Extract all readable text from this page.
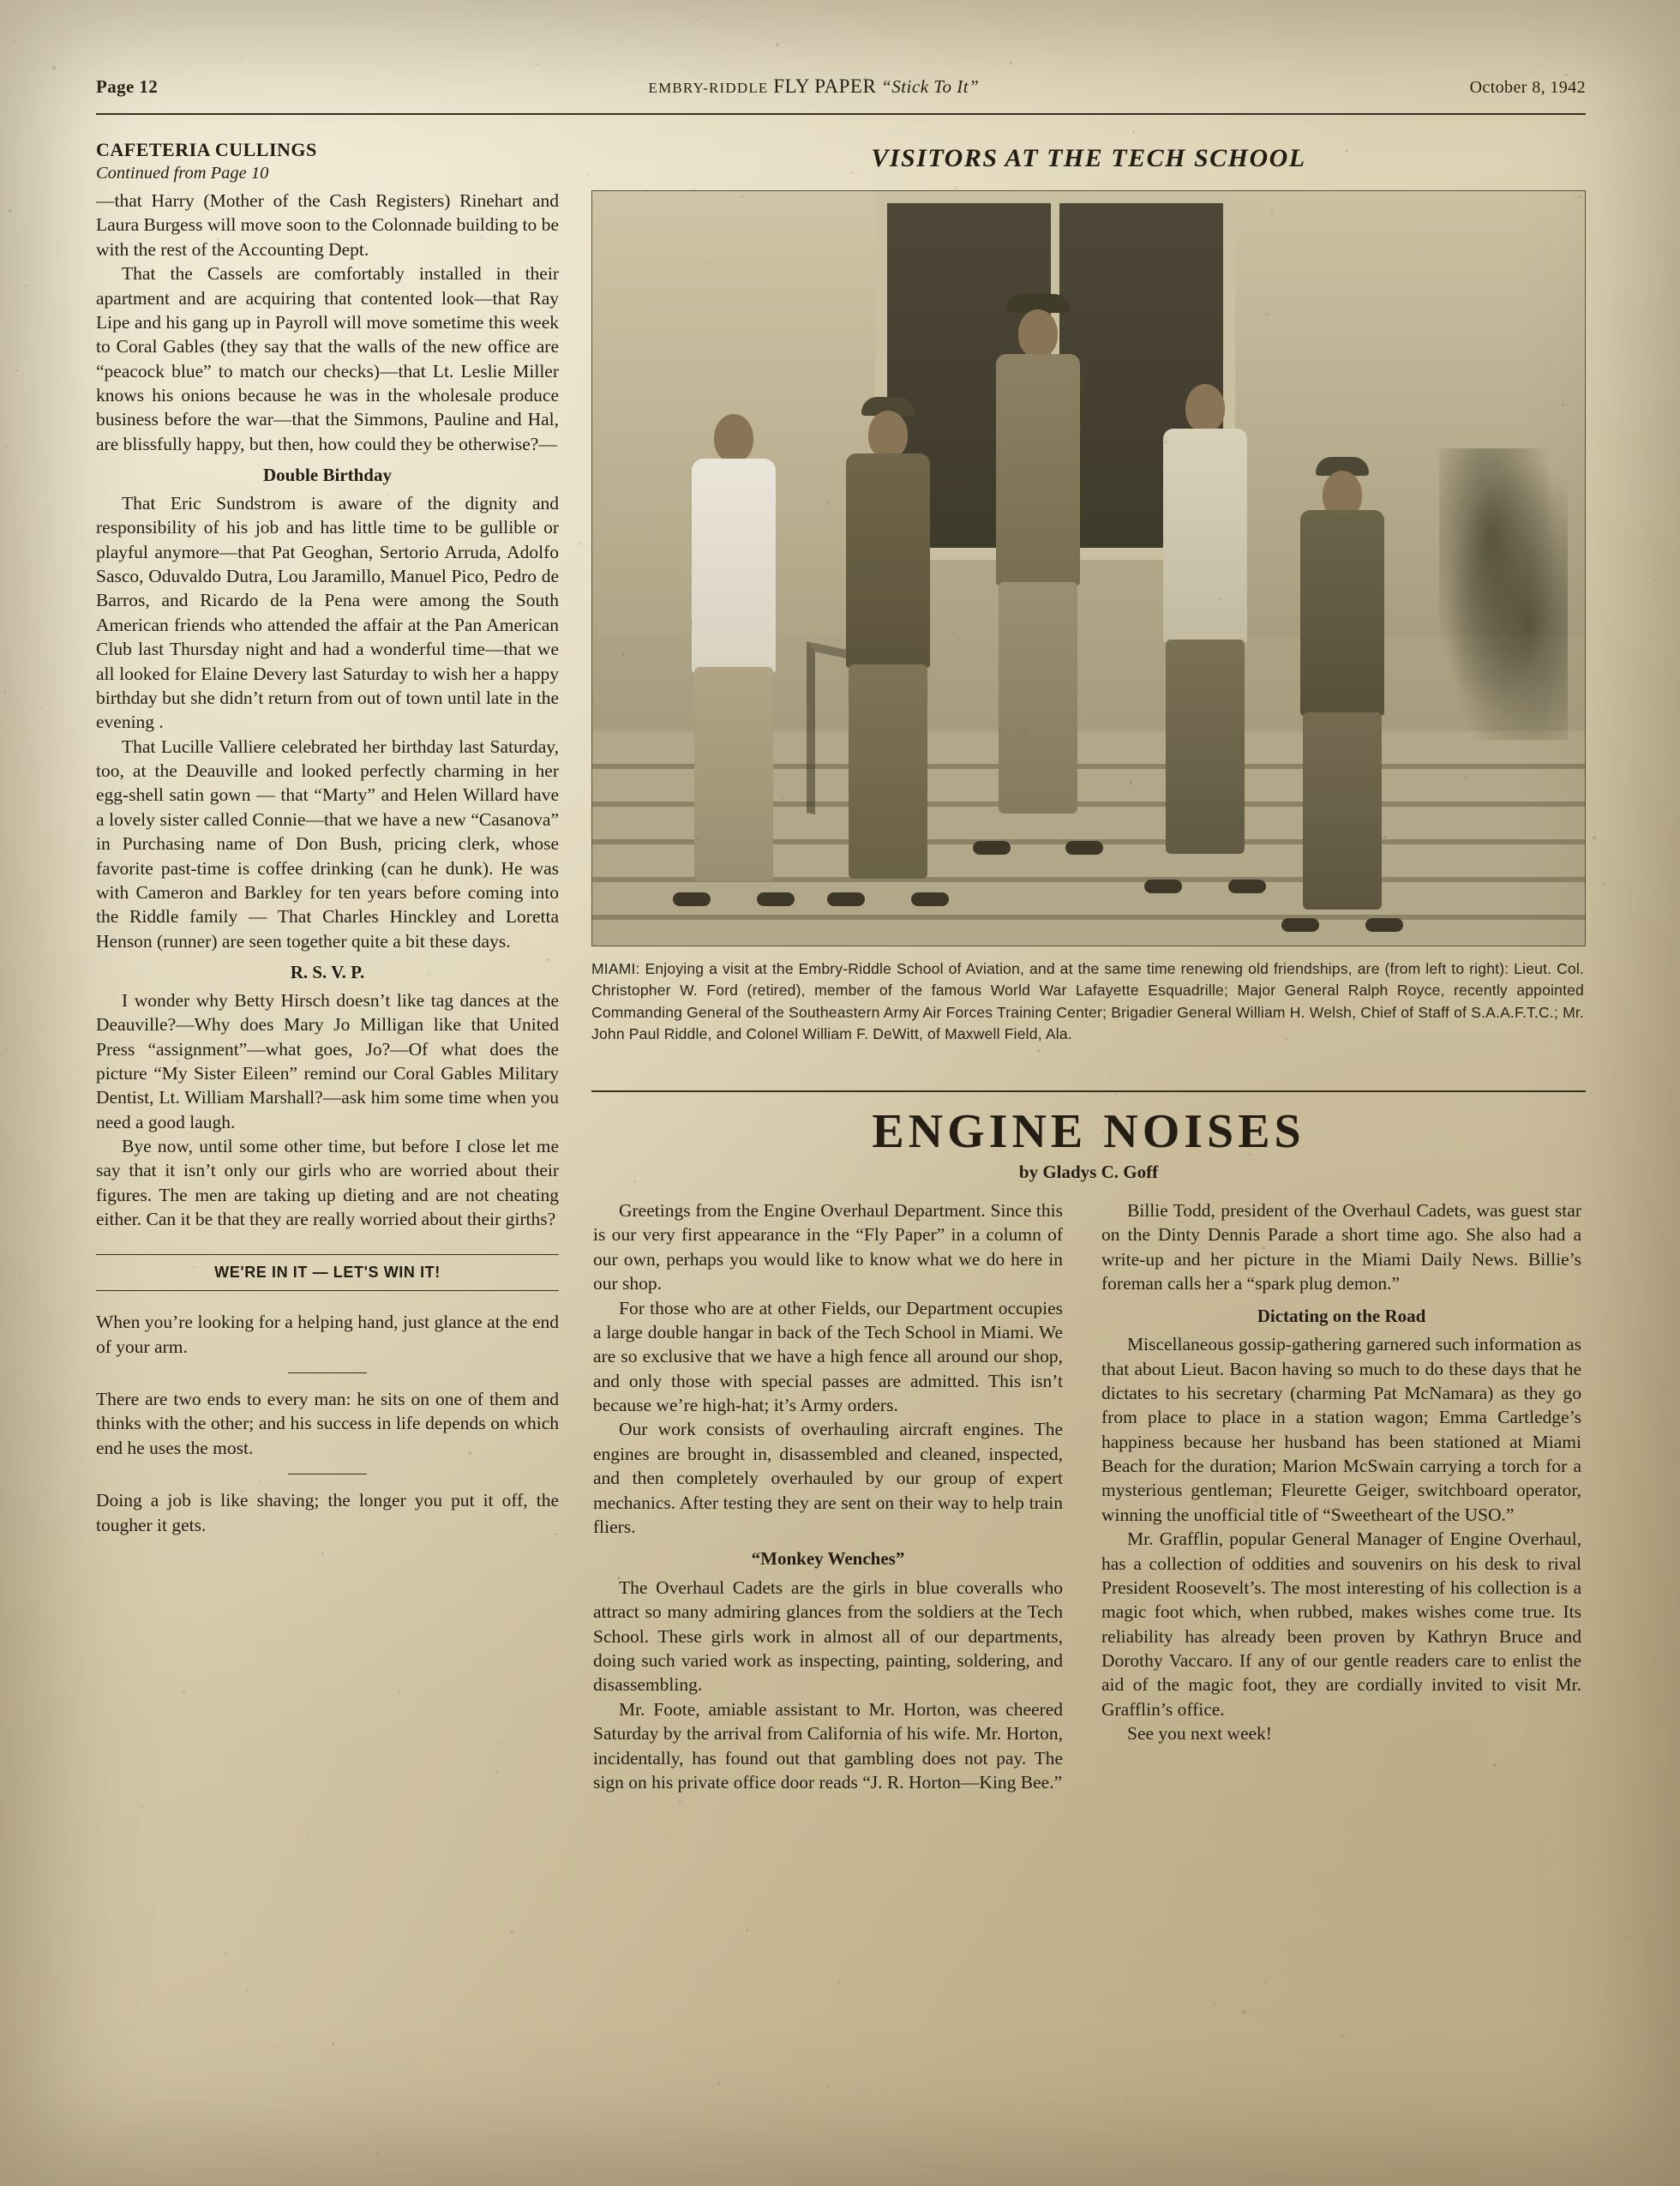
Page 12	EMBRY-RIDDLE FLY PAPER “Stick To It”	October 8, 1942
CAFETERIA CULLINGS
Continued from Page 10

—that Harry (Mother of the Cash Registers) Rinehart and Laura Burgess will move soon to the Colonnade building to be with the rest of the Accounting Dept.

That the Cassels are comfortably installed in their apartment and are acquiring that contented look—that Ray Lipe and his gang up in Payroll will move sometime this week to Coral Gables (they say that the walls of the new office are “peacock blue” to match our checks)—that Lt. Leslie Miller knows his onions because he was in the wholesale produce business before the war—that the Simmons, Pauline and Hal, are blissfully happy, but then, how could they be otherwise?—

Double Birthday

That Eric Sundstrom is aware of the dignity and responsibility of his job and has little time to be gullible or playful anymore—that Pat Geoghan, Sertorio Arruda, Adolfo Sasco, Oduvaldo Dutra, Lou Jaramillo, Manuel Pico, Pedro de Barros, and Ricardo de la Pena were among the South American friends who attended the affair at the Pan American Club last Thursday night and had a wonderful time—that we all looked for Elaine Devery last Saturday to wish her a happy birthday but she didn’t return from out of town until late in the evening .

That Lucille Valliere celebrated her birthday last Saturday, too, at the Deauville and looked perfectly charming in her egg-shell satin gown — that “Marty” and Helen Willard have a lovely sister called Connie—that we have a new “Casanova” in Purchasing name of Don Bush, pricing clerk, whose favorite past-time is coffee drinking (can he dunk). He was with Cameron and Barkley for ten years before coming into the Riddle family — That Charles Hinckley and Loretta Henson (runner) are seen together quite a bit these days.

R. S. V. P.

I wonder why Betty Hirsch doesn’t like tag dances at the Deauville?—Why does Mary Jo Milligan like that United Press “assignment”—what goes, Jo?—Of what does the picture “My Sister Eileen” remind our Coral Gables Military Dentist, Lt. William Marshall?—ask him some time when you need a good laugh.

Bye now, until some other time, but before I close let me say that it isn’t only our girls who are worried about their figures. The men are taking up dieting and are not cheating either. Can it be that they are really worried about their girths?

WE'RE IN IT — LET'S WIN IT!

When you’re looking for a helping hand, just glance at the end of your arm.

There are two ends to every man: he sits on one of them and thinks with the other; and his success in life depends on which end he uses the most.

Doing a job is like shaving; the longer you put it off, the tougher it gets.

VISITORS AT THE TECH SCHOOL
MIAMI: Enjoying a visit at the Embry-Riddle School of Aviation, and at the same time renewing old friendships, are (from left to right): Lieut. Col. Christopher W. Ford (retired), member of the famous World War Lafayette Esquadrille; Major General Ralph Royce, recently appointed Commanding General of the Southeastern Army Air Forces Training Center; Brigadier General William H. Welsh, Chief of Staff of S.A.A.F.T.C.; Mr. John Paul Riddle, and Colonel William F. DeWitt, of Maxwell Field, Ala.
ENGINE NOISES
by Gladys C. Goff

Greetings from the Engine Overhaul Department. Since this is our very first appearance in the “Fly Paper” in a column of our own, perhaps you would like to know what we do here in our shop.

For those who are at other Fields, our Department occupies a large double hangar in back of the Tech School in Miami. We are so exclusive that we have a high fence all around our shop, and only those with special passes are admitted. This isn’t because we’re high-hat; it’s Army orders.

Our work consists of overhauling aircraft engines. The engines are brought in, disassembled and cleaned, inspected, and then completely overhauled by our group of expert mechanics. After testing they are sent on their way to help train fliers.

“Monkey Wenches”

The Overhaul Cadets are the girls in blue coveralls who attract so many admiring glances from the soldiers at the Tech School. These girls work in almost all of our departments, doing such varied work as inspecting, painting, soldering, and disassembling.

Mr. Foote, amiable assistant to Mr. Horton, was cheered Saturday by the arrival from California of his wife. Mr. Horton, incidentally, has found out that gambling does not pay. The sign on his private office door reads “J. R. Horton—King Bee.”

Billie Todd, president of the Overhaul Cadets, was guest star on the Dinty Dennis Parade a short time ago. She also had a write-up and her picture in the Miami Daily News. Billie’s foreman calls her a “spark plug demon.”

Dictating on the Road

Miscellaneous gossip-gathering garnered such information as that about Lieut. Bacon having so much to do these days that he dictates to his secretary (charming Pat McNamara) as they go from place to place in a station wagon; Emma Cartledge’s happiness because her husband has been stationed at Miami Beach for the duration; Marion McSwain carrying a torch for a mysterious gentleman; Fleurette Geiger, switchboard operator, winning the unofficial title of “Sweetheart of the USO.”

Mr. Grafflin, popular General Manager of Engine Overhaul, has a collection of oddities and souvenirs on his desk to rival President Roosevelt’s. The most interesting of his collection is a magic foot which, when rubbed, makes wishes come true. Its reliability has already been proven by Kathryn Bruce and Dorothy Vaccaro. If any of our gentle readers care to enlist the aid of the magic foot, they are cordially invited to visit Mr. Grafflin’s office.

See you next week!
